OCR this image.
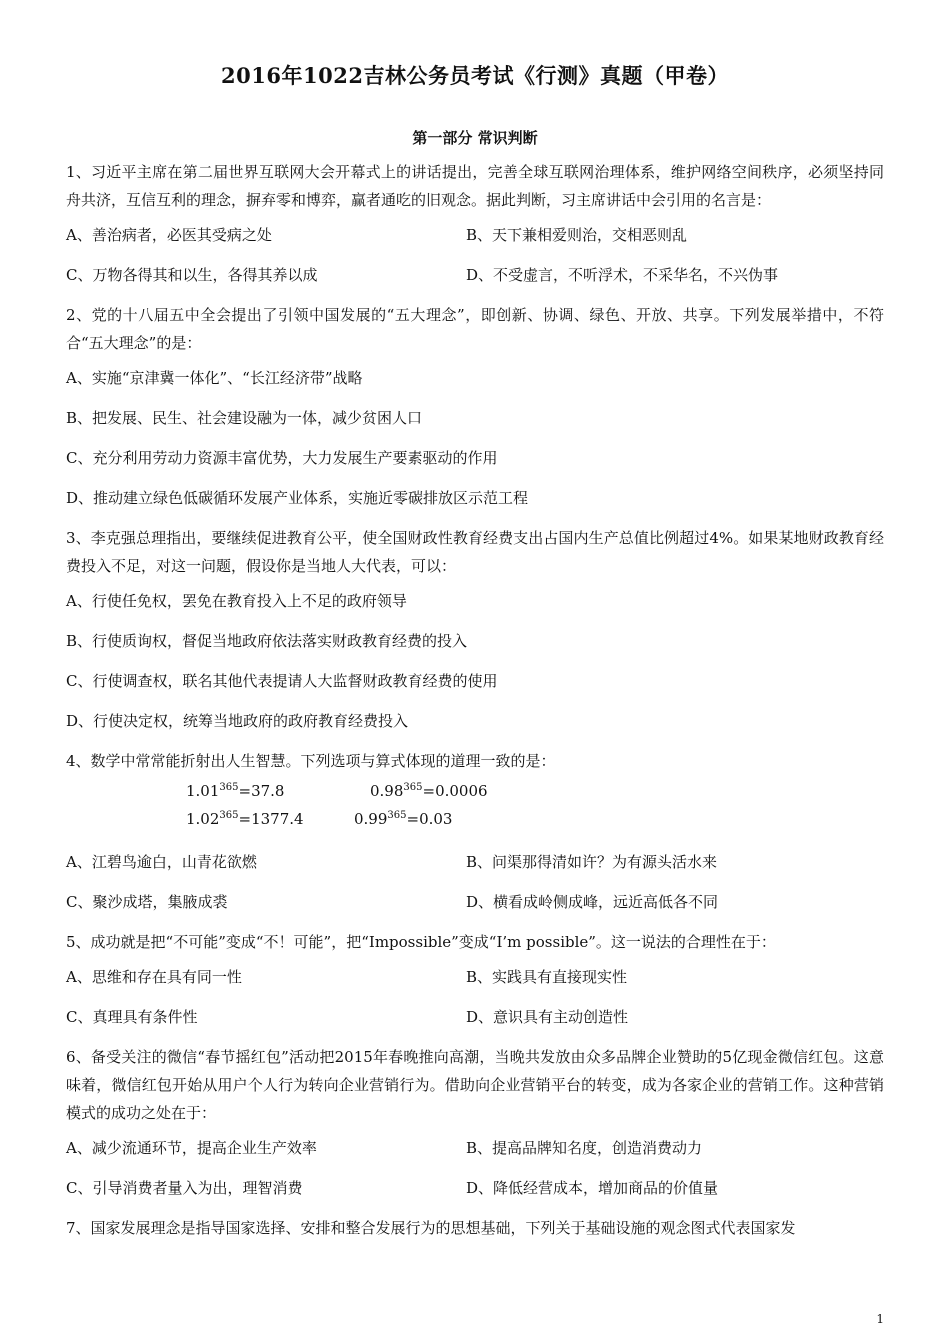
2016年1022吉林公务员考试《行测》真题（甲卷）
第一部分 常识判断
1、习近平主席在第二届世界互联网大会开幕式上的讲话提出，完善全球互联网治理体系，维护网络空间秩序，必须坚持同舟共济，互信互利的理念，摒弃零和博弈，赢者通吃的旧观念。据此判断，习主席讲话中会引用的名言是：
A、善治病者，必医其受病之处	B、天下兼相爱则治，交相恶则乱
C、万物各得其和以生，各得其养以成	D、不受虚言，不听浮术，不采华名，不兴伪事
2、党的十八届五中全会提出了引领中国发展的“五大理念”，即创新、协调、绿色、开放、共享。下列发展举措中，不符合“五大理念”的是：
A、实施“京津冀一体化”、“长江经济带”战略
B、把发展、民生、社会建设融为一体，减少贫困人口
C、充分利用劳动力资源丰富优势，大力发展生产要素驱动的作用
D、推动建立绿色低碳循环发展产业体系，实施近零碳排放区示范工程
3、李克强总理指出，要继续促进教育公平，使全国财政性教育经费支出占国内生产总值比例超过4%。如果某地财政教育经费投入不足，对这一问题，假设你是当地人大代表，可以：
A、行使任免权，罢免在教育投入上不足的政府领导
B、行使质询权，督促当地政府依法落实财政教育经费的投入
C、行使调查权，联名其他代表提请人大监督财政教育经费的使用
D、行使决定权，统筹当地政府的政府教育经费投入
4、数学中常常能折射出人生智慧。下列选项与算式体现的道理一致的是：
$1.01^{365}=37.8$	$0.98^{365}=0.0006$
$1.02^{365}=1377.4$	$0.99^{365}=0.03$
A、江碧鸟逾白，山青花欲燃	B、问渠那得清如许？为有源头活水来
C、聚沙成塔，集腋成裘	D、横看成岭侧成峰，远近高低各不同
5、成功就是把“不可能”变成“不！可能”，把“Impossible”变成“I’m possible”。这一说法的合理性在于：
A、思维和存在具有同一性	B、实践具有直接现实性
C、真理具有条件性	D、意识具有主动创造性
6、备受关注的微信“春节摇红包”活动把2015年春晚推向高潮，当晚共发放由众多品牌企业赞助的5亿现金微信红包。这意味着，微信红包开始从用户个人行为转向企业营销行为。借助向企业营销平台的转变，成为各家企业的营销工作。这种营销模式的成功之处在于：
A、减少流通环节，提高企业生产效率	B、提高品牌知名度，创造消费动力
C、引导消费者量入为出，理智消费	D、降低经营成本，增加商品的价值量
7、国家发展理念是指导国家选择、安排和整合发展行为的思想基础，下列关于基础设施的观念图式代表国家发
1
